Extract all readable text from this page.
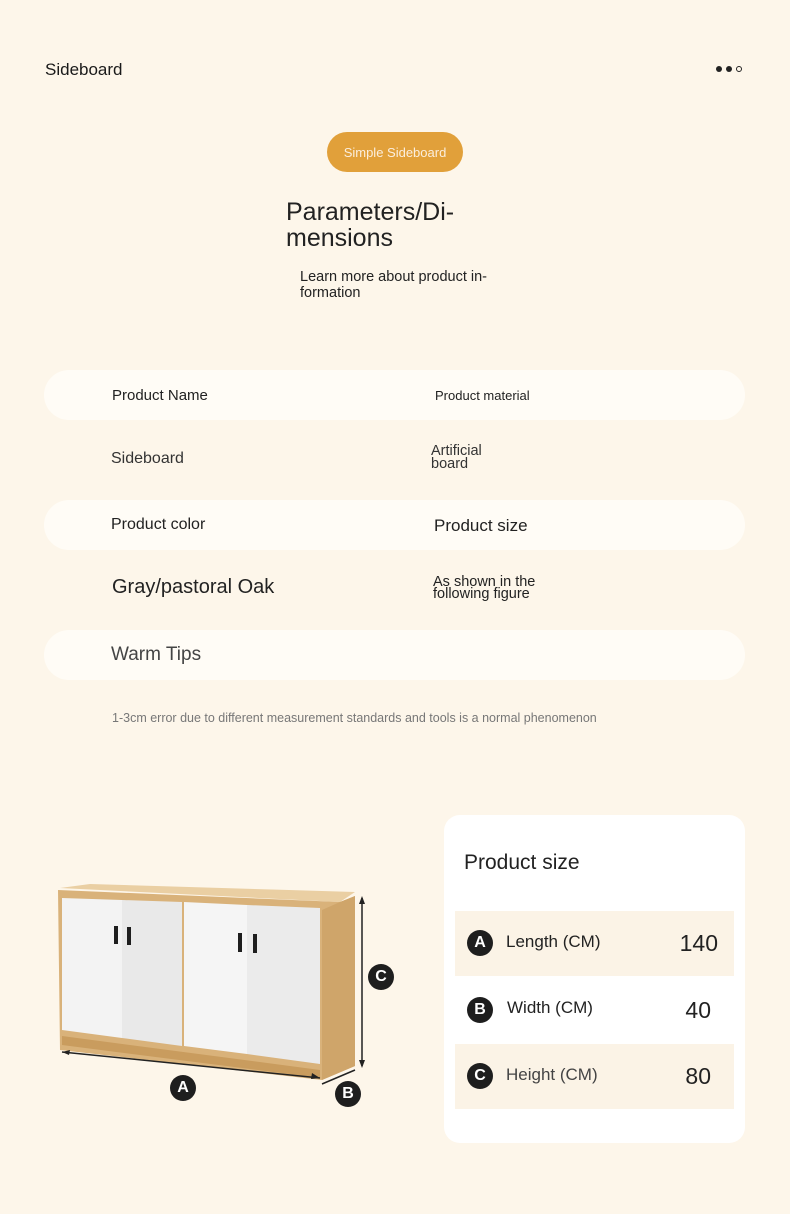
Sideboard
Simple Sideboard
Parameters/Di- mensions
Learn more about product in- formation
Product Name	Product material
Sideboard	Artificial board
Product color	Product size
Gray/pastoral Oak	As shown in the following figure
Warm Tips
1-3cm error due to different measurement standards and tools is a normal phenomenon
A	B
C
Product size
A	Length (CM)	140
B	Width (CM)	40
C	Height (CM)	80
